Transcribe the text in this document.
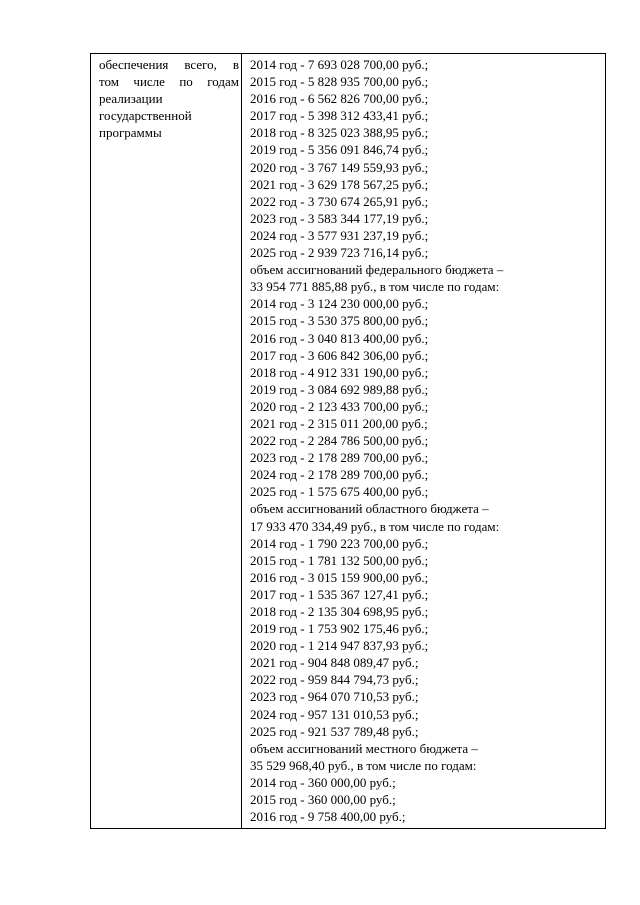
обеспечения всего, в
том числе по годам
реализации
государственной
программы
2014 год - 7 693 028 700,00 руб.;
2015 год - 5 828 935 700,00 руб.;
2016 год - 6 562 826 700,00 руб.;
2017 год - 5 398 312 433,41 руб.;
2018 год - 8 325 023 388,95 руб.;
2019 год - 5 356 091 846,74 руб.;
2020 год - 3 767 149 559,93 руб.;
2021 год - 3 629 178 567,25 руб.;
2022 год - 3 730 674 265,91 руб.;
2023 год - 3 583 344 177,19 руб.;
2024 год - 3 577 931 237,19 руб.;
2025 год - 2 939 723 716,14 руб.;
объем ассигнований федерального бюджета –
33 954 771 885,88 руб., в том числе по годам:
2014 год - 3 124 230 000,00 руб.;
2015 год - 3 530 375 800,00 руб.;
2016 год - 3 040 813 400,00 руб.;
2017 год - 3 606 842 306,00 руб.;
2018 год - 4 912 331 190,00 руб.;
2019 год - 3 084 692 989,88 руб.;
2020 год - 2 123 433 700,00 руб.;
2021 год - 2 315 011 200,00 руб.;
2022 год - 2 284 786 500,00 руб.;
2023 год - 2 178 289 700,00 руб.;
2024 год - 2 178 289 700,00 руб.;
2025 год - 1 575 675 400,00 руб.;
объем ассигнований областного бюджета –
17 933 470 334,49 руб., в том числе по годам:
2014 год - 1 790 223 700,00 руб.;
2015 год - 1 781 132 500,00 руб.;
2016 год - 3 015 159 900,00 руб.;
2017 год - 1 535 367 127,41 руб.;
2018 год - 2 135 304 698,95 руб.;
2019 год - 1 753 902 175,46 руб.;
2020 год - 1 214 947 837,93 руб.;
2021 год - 904 848 089,47 руб.;
2022 год - 959 844 794,73 руб.;
2023 год - 964 070 710,53 руб.;
2024 год - 957 131 010,53 руб.;
2025 год - 921 537 789,48 руб.;
объем ассигнований местного бюджета –
35 529 968,40 руб., в том числе по годам:
2014 год - 360 000,00 руб.;
2015 год - 360 000,00 руб.;
2016 год - 9 758 400,00 руб.;
